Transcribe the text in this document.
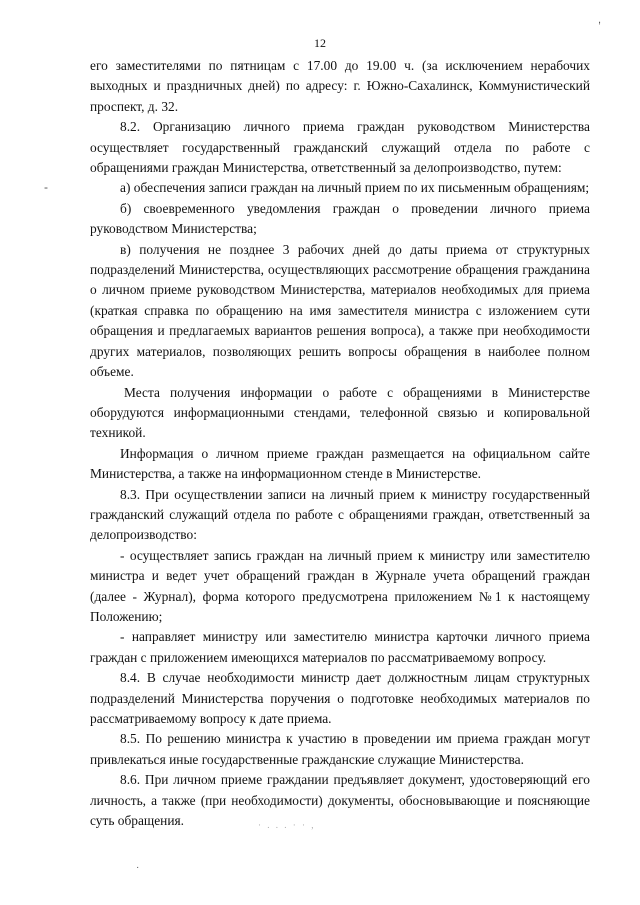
12
,
-
·
· . . . · · ,

его заместителями по пятницам с 17.00 до 19.00 ч. (за исключением нерабочих выходных и праздничных дней) по адресу: г. Южно-Сахалинск, Коммунистический проспект, д. 32.

8.2. Организацию личного приема граждан руководством Министерства осуществляет государственный гражданский служащий отдела по работе с обращениями граждан Министерства, ответственный за делопроизводство, путем:

а) обеспечения записи граждан на личный прием по их письменным обращениям;

б) своевременного уведомления граждан о проведении личного приема руководством Министерства;

в) получения не позднее 3 рабочих дней до даты приема от структурных подразделений Министерства, осуществляющих рассмотрение обращения гражданина о личном приеме руководством Министерства, материалов необходимых для приема (краткая справка по обращению на имя заместителя министра с изложением сути обращения и предлагаемых вариантов решения вопроса), а также при необходимости других материалов, позволяющих решить вопросы обращения в наиболее полном объеме.

Места получения информации о работе с обращениями в Министерстве оборудуются информационными стендами, телефонной связью и копировальной техникой.

Информация о личном приеме граждан размещается на официальном сайте Министерства, а также на информационном стенде в Министерстве.

8.3. При осуществлении записи на личный прием к министру государственный гражданский служащий отдела по работе с обращениями граждан, ответственный за делопроизводство:

- осуществляет запись граждан на личный прием к министру или заместителю министра и ведет учет обращений граждан в Журнале учета обращений граждан (далее - Журнал), форма которого предусмотрена приложением №1 к настоящему Положению;

- направляет министру или заместителю министра карточки личного приема граждан с приложением имеющихся материалов по рассматриваемому вопросу.

8.4. В случае необходимости министр дает должностным лицам структурных подразделений Министерства поручения о подготовке необходимых материалов по рассматриваемому вопросу к дате приема.

8.5. По решению министра к участию в проведении им приема граждан могут привлекаться иные государственные гражданские служащие Министерства.

8.6. При личном приеме граждании предъявляет документ, удостоверяющий его личность, а также (при необходимости) документы, обосновывающие и поясняющие суть обращения.
